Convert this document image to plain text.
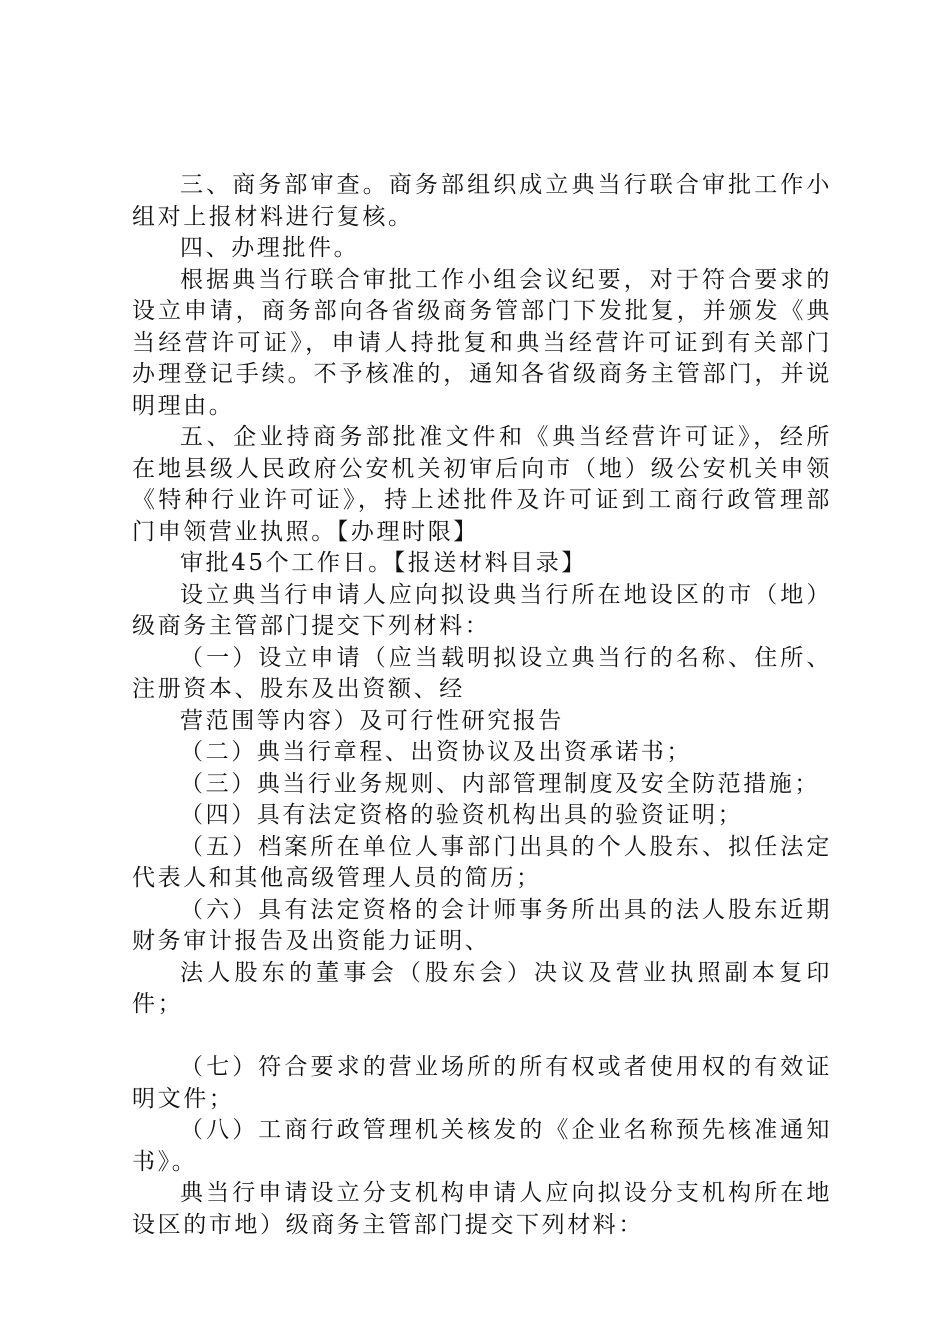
三、商务部审查。商务部组织成立典当行联合审批工作小组对上报材料进行复核。

四、办理批件。

根据典当行联合审批工作小组会议纪要，对于符合要求的设立申请，商务部向各省级商务管部门下发批复，并颁发《典当经营许可证》，申请人持批复和典当经营许可证到有关部门办理登记手续。不予核准的，通知各省级商务主管部门，并说明理由。

五、企业持商务部批准文件和《典当经营许可证》，经所在地县级人民政府公安机关初审后向市（地）级公安机关申领《特种行业许可证》，持上述批件及许可证到工商行政管理部门申领营业执照。【办理时限】

审批45个工作日。【报送材料目录】

设立典当行申请人应向拟设典当行所在地设区的市（地）级商务主管部门提交下列材料：

（一）设立申请（应当载明拟设立典当行的名称、住所、注册资本、股东及出资额、经

营范围等内容）及可行性研究报告

（二）典当行章程、出资协议及出资承诺书；

（三）典当行业务规则、内部管理制度及安全防范措施；

（四）具有法定资格的验资机构出具的验资证明；

（五）档案所在单位人事部门出具的个人股东、拟任法定代表人和其他高级管理人员的简历；

（六）具有法定资格的会计师事务所出具的法人股东近期财务审计报告及出资能力证明、

法人股东的董事会（股东会）决议及营业执照副本复印件；

（七）符合要求的营业场所的所有权或者使用权的有效证明文件；

（八）工商行政管理机关核发的《企业名称预先核准通知书》。

典当行申请设立分支机构申请人应向拟设分支机构所在地设区的市地）级商务主管部门提交下列材料：
